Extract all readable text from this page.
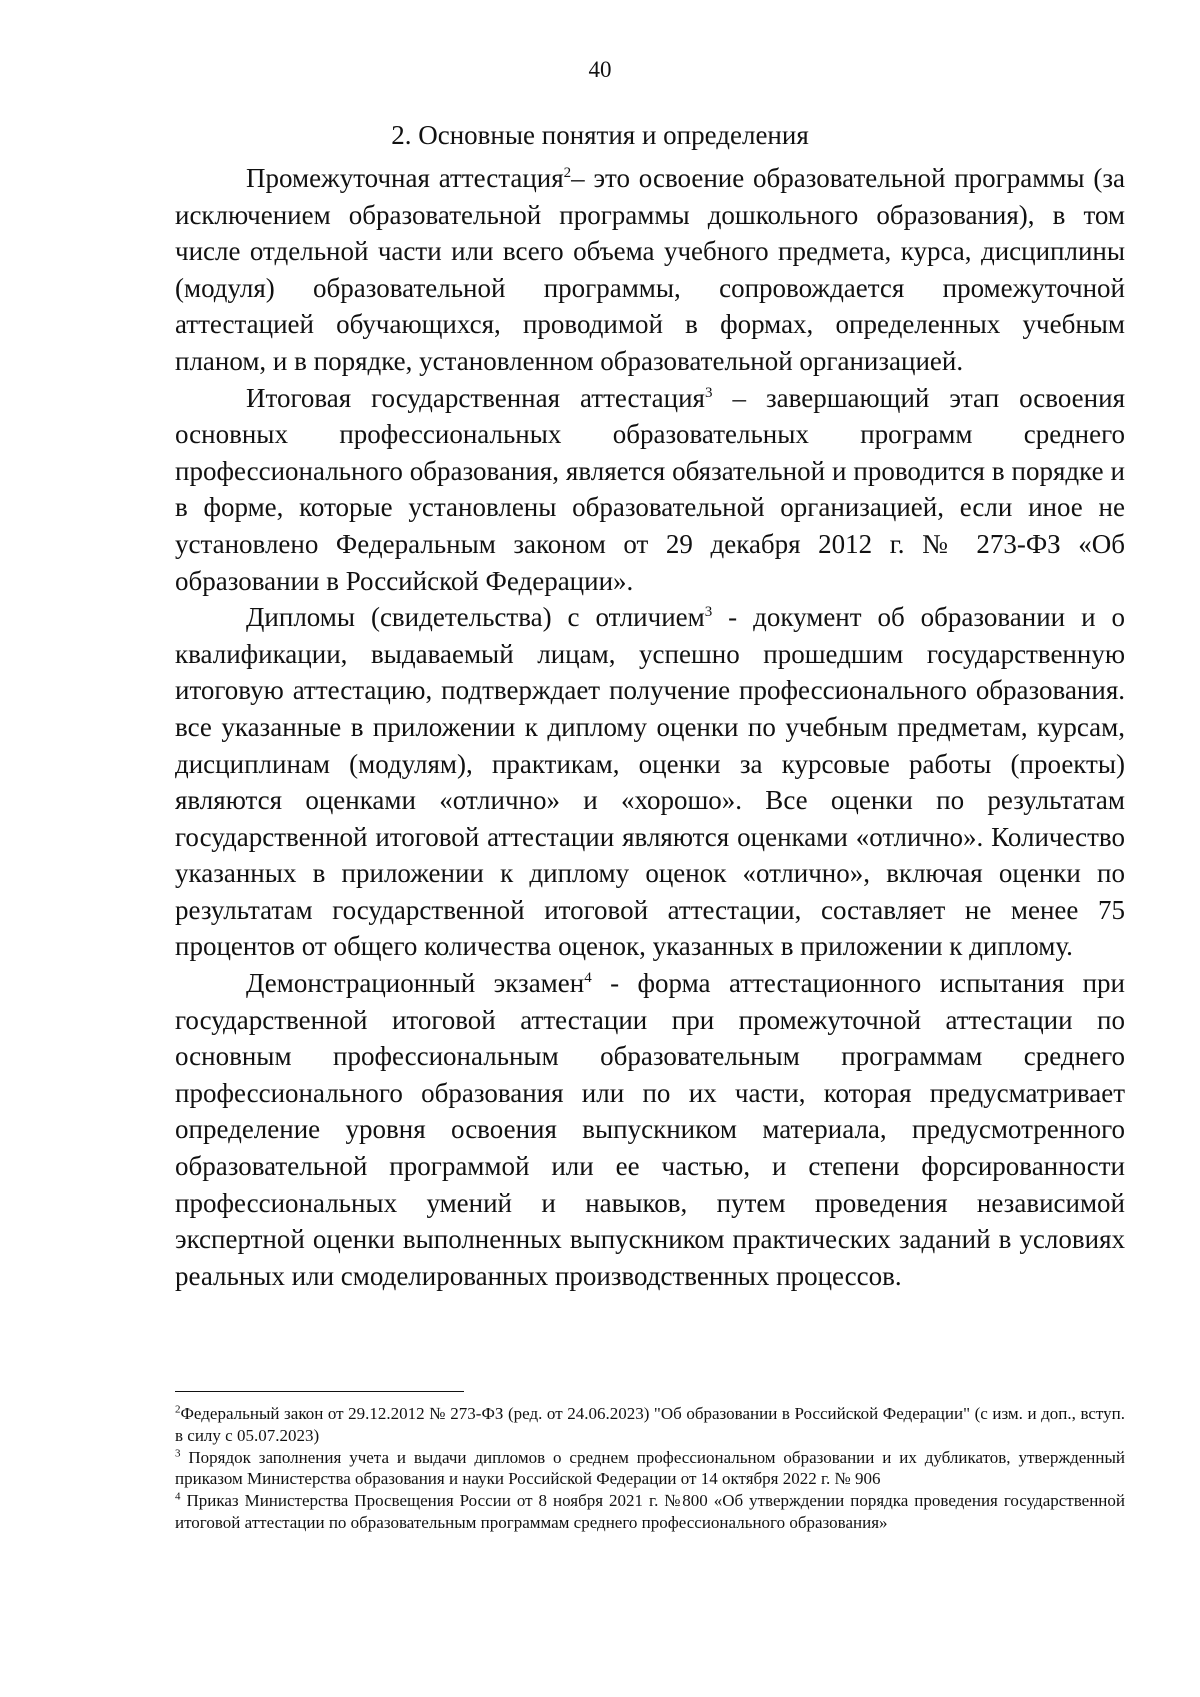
40
2. Основные понятия и определения

Промежуточная аттестация$^2$– это освоение образовательной программы (за исключением образовательной программы дошкольного образования), в том числе отдельной части или всего объема учебного предмета, курса, дисциплины (модуля) образовательной программы, сопровождается промежуточной аттестацией обучающихся, проводимой в формах, определенных учебным планом, и в порядке, установленном образовательной организацией.

Итоговая государственная аттестация$^3$ – завершающий этап освоения основных профессиональных образовательных программ среднего профессионального образования, является обязательной и проводится в порядке и в форме, которые установлены образовательной организацией, если иное не установлено Федеральным законом от 29 декабря 2012 г. № 273-ФЗ «Об образовании в Российской Федерации».

Дипломы (свидетельства) с отличием$^3$ - документ об образовании и о квалификации, выдаваемый лицам, успешно прошедшим государственную итоговую аттестацию, подтверждает получение профессионального образования. все указанные в приложении к диплому оценки по учебным предметам, курсам, дисциплинам (модулям), практикам, оценки за курсовые работы (проекты) являются оценками «отлично» и «хорошо». Все оценки по результатам государственной итоговой аттестации являются оценками «отлично». Количество указанных в приложении к диплому оценок «отлично», включая оценки по результатам государственной итоговой аттестации, составляет не менее 75 процентов от общего количества оценок, указанных в приложении к диплому.

Демонстрационный экзамен$^4$ - форма аттестационного испытания при государственной итоговой аттестации при промежуточной аттестации по основным профессиональным образовательным программам среднего профессионального образования или по их части, которая предусматривает определение уровня освоения выпускником материала, предусмотренного образовательной программой или ее частью, и степени форсированности профессиональных умений и навыков, путем проведения независимой экспертной оценки выполненных выпускником практических заданий в условиях реальных или смоделированных производственных процессов.

$^2$Федеральный закон от 29.12.2012 № 273-ФЗ (ред. от 24.06.2023) "Об образовании в Российской Федерации" (с изм. и доп., вступ. в силу с 05.07.2023)

$^3$ Порядок заполнения учета и выдачи дипломов о среднем профессиональном образовании и их дубликатов, утвержденный приказом Министерства образования и науки Российской Федерации от 14 октября 2022 г. № 906

$^4$ Приказ Министерства Просвещения России от 8 ноября 2021 г. №800 «Об утверждении порядка проведения государственной итоговой аттестации по образовательным программам среднего профессионального образования»
